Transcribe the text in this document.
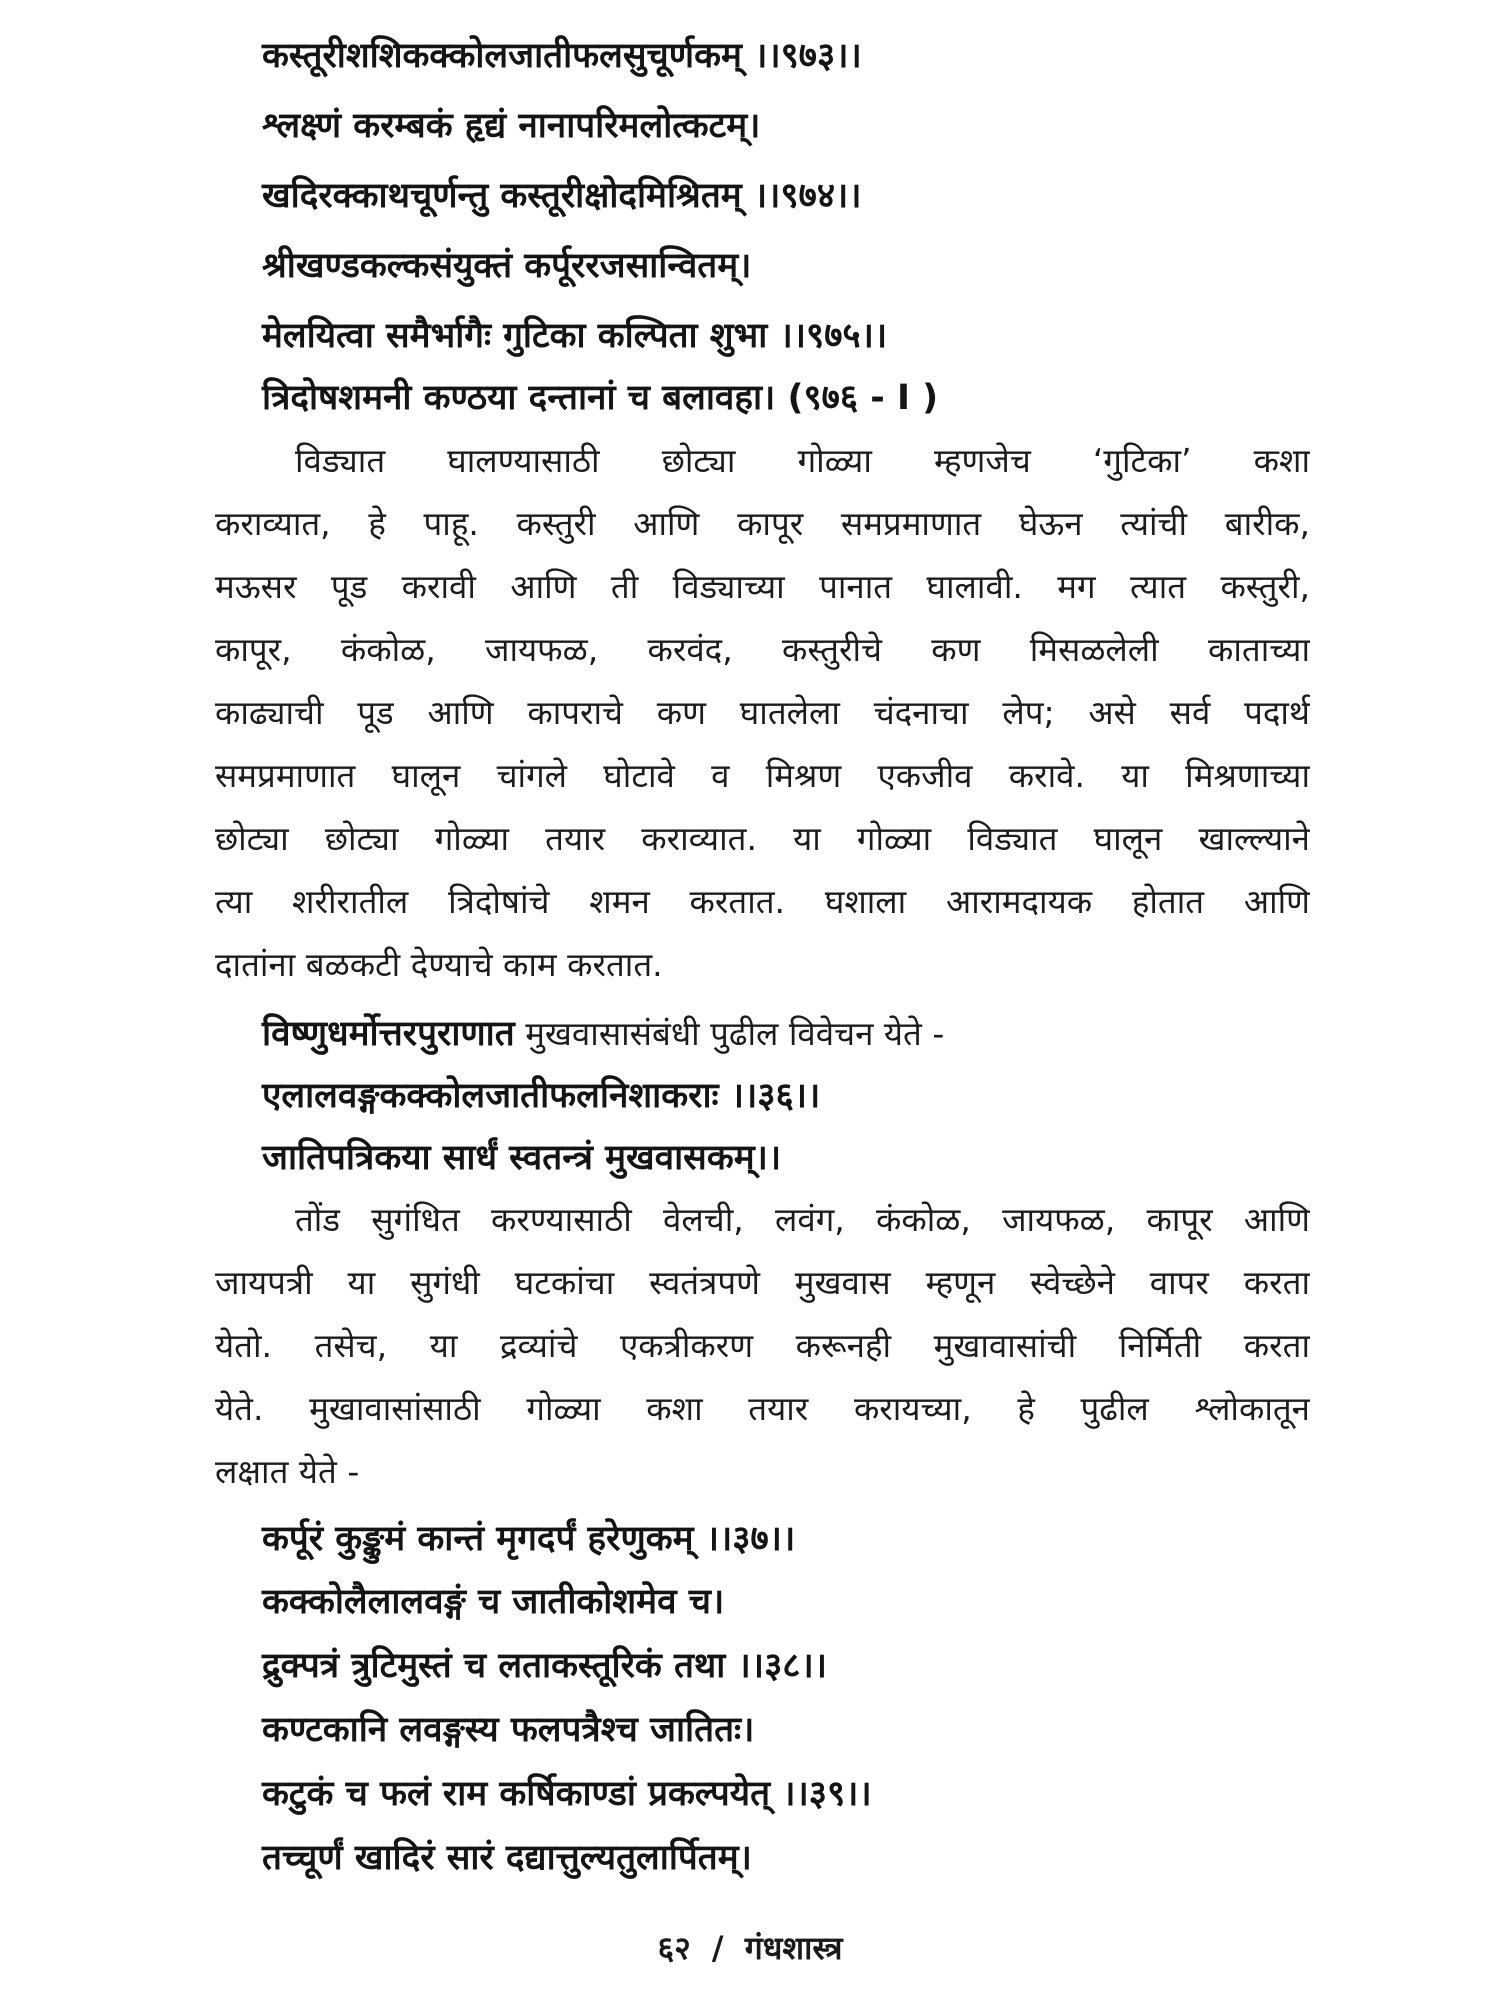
कस्तूरीशशिकक्कोलजातीफलसुचूर्णकम् ।।९७३।।
श्लक्ष्णं करम्बकं हृद्यं नानापरिमलोत्कटम्।
खदिरक्काथचूर्णन्तु कस्तूरीक्षोदमिश्रितम् ।।९७४।।
श्रीखण्डकल्कसंयुक्तं कर्पूररजसान्वितम्।
मेलयित्वा समैर्भागैः गुटिका कल्पिता शुभा ।।९७५।।
त्रिदोषशमनी कण्ठया दन्तानां च बलावहा। (९७६ - I )
विड्यात घालण्यासाठी छोट्या गोळ्या म्हणजेच ‘गुटिका’ कशा
कराव्यात, हे पाहू. कस्तुरी आणि कापूर समप्रमाणात घेऊन त्यांची बारीक,
मऊसर पूड करावी आणि ती विड्याच्या पानात घालावी. मग त्यात कस्तुरी,
कापूर, कंकोळ, जायफळ, करवंद, कस्तुरीचे कण मिसळलेली काताच्या
काढ्याची पूड आणि कापराचे कण घातलेला चंदनाचा लेप; असे सर्व पदार्थ
समप्रमाणात घालून चांगले घोटावे व मिश्रण एकजीव करावे. या मिश्रणाच्या
छोट्या छोट्या गोळ्या तयार कराव्यात. या गोळ्या विड्यात घालून खाल्ल्याने
त्या शरीरातील त्रिदोषांचे शमन करतात. घशाला आरामदायक होतात आणि
दातांना बळकटी देण्याचे काम करतात.
विष्णुधर्मोत्तरपुराणात मुखवासासंबंधी पुढील विवेचन येते -
एलालवङ्गकक्कोलजातीफलनिशाकराः ।।३६।।
जातिपत्रिकया सार्धं स्वतन्त्रं मुखवासकम्।।
तोंड सुगंधित करण्यासाठी वेलची, लवंग, कंकोळ, जायफळ, कापूर आणि
जायपत्री या सुगंधी घटकांचा स्वतंत्रपणे मुखवास म्हणून स्वेच्छेने वापर करता
येतो. तसेच, या द्रव्यांचे एकत्रीकरण करूनही मुखावासांची निर्मिती करता
येते. मुखावासांसाठी गोळ्या कशा तयार करायच्या, हे पुढील श्लोकातून
लक्षात येते -
कर्पूरं कुङ्कुमं कान्तं मृगदर्पं हरेणुकम् ।।३७।।
कक्कोलैलालवङ्गं च जातीकोशमेव च।
द्रुक्पत्रं त्रुटिमुस्तं च लताकस्तूरिकं तथा ।।३८।।
कण्टकानि लवङ्गस्य फलपत्रैश्च जातितः।
कटुकं च फलं राम कर्षिकाण्डां प्रकल्पयेत् ।।३९।।
तच्चूर्णं खादिरं सारं दद्यात्तुल्यतुलार्पितम्।
६२ / गंधशास्त्र
